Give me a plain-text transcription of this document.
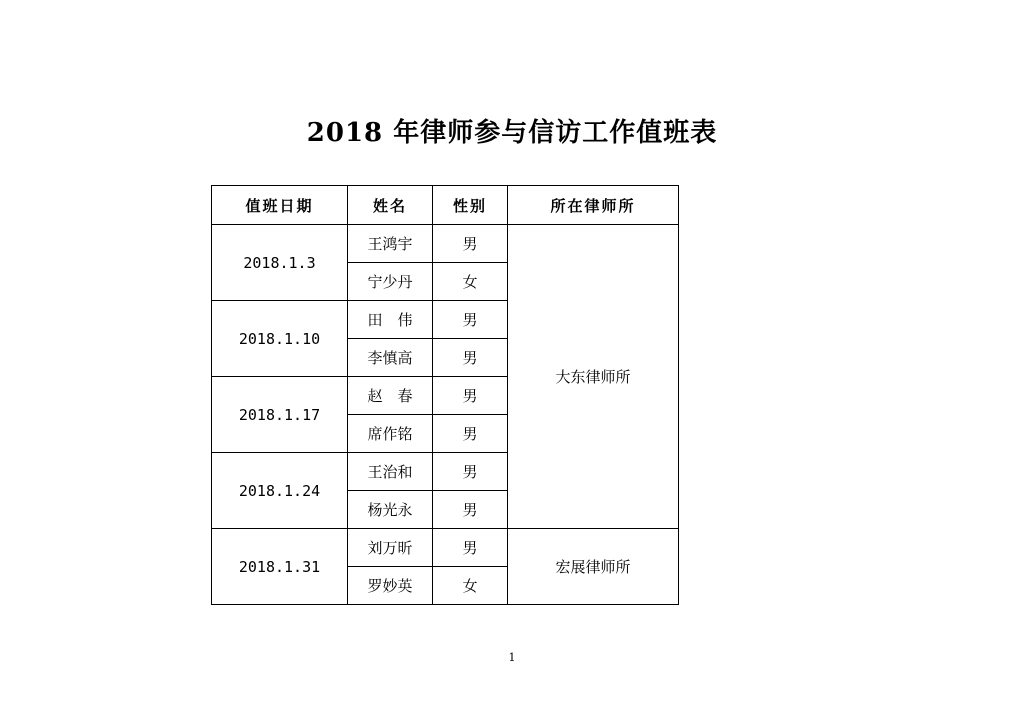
2018 年律师参与信访工作值班表
值班日期	姓名	性别	所在律师所
2018.1.3	王鸿宇	男	大东律师所
	宁少丹	女	
2018.1.10	田　伟	男	
	李慎高	男	
2018.1.17	赵　春	男	
	席作铭	男	
2018.1.24	王治和	男	
	杨光永	男	
2018.1.31	刘万昕	男	宏展律师所
	罗妙英	女	
1
